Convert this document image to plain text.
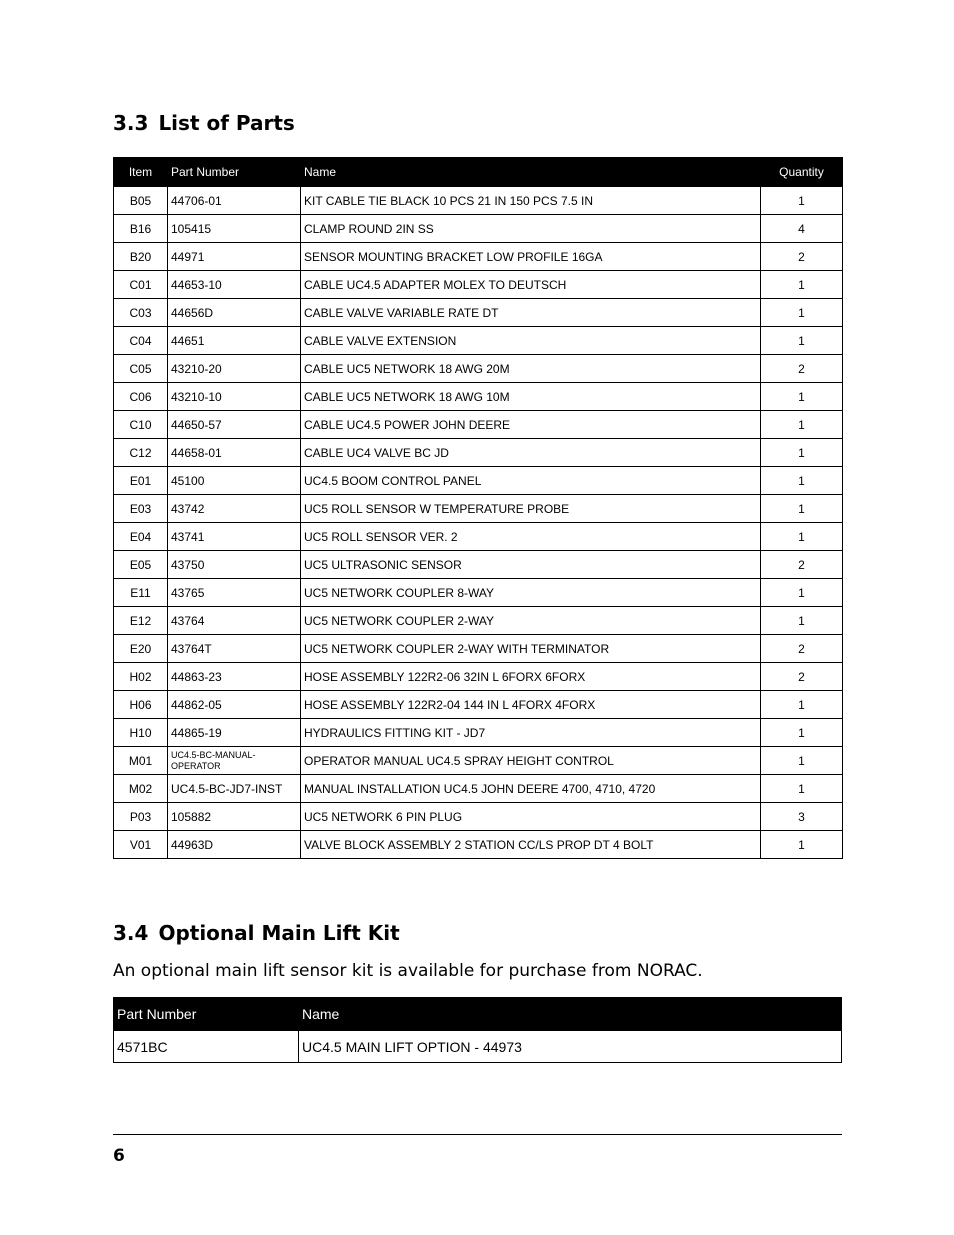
3.3 List of Parts
Item	Part Number	Name	Quantity
B05	44706-01	KIT CABLE TIE BLACK 10 PCS 21 IN 150 PCS 7.5 IN	1
B16	105415	CLAMP ROUND 2IN SS	4
B20	44971	SENSOR MOUNTING BRACKET LOW PROFILE 16GA	2
C01	44653-10	CABLE UC4.5 ADAPTER MOLEX TO DEUTSCH	1
C03	44656D	CABLE VALVE VARIABLE RATE DT	1
C04	44651	CABLE VALVE EXTENSION	1
C05	43210-20	CABLE UC5 NETWORK 18 AWG 20M	2
C06	43210-10	CABLE UC5 NETWORK 18 AWG 10M	1
C10	44650-57	CABLE UC4.5 POWER JOHN DEERE	1
C12	44658-01	CABLE UC4 VALVE BC JD	1
E01	45100	UC4.5 BOOM CONTROL PANEL	1
E03	43742	UC5 ROLL SENSOR W TEMPERATURE PROBE	1
E04	43741	UC5 ROLL SENSOR VER. 2	1
E05	43750	UC5 ULTRASONIC SENSOR	2
E11	43765	UC5 NETWORK COUPLER 8-WAY	1
E12	43764	UC5 NETWORK COUPLER 2-WAY	1
E20	43764T	UC5 NETWORK COUPLER 2-WAY WITH TERMINATOR	2
H02	44863-23	HOSE ASSEMBLY 122R2-06 32IN L 6FORX 6FORX	2
H06	44862-05	HOSE ASSEMBLY 122R2-04 144 IN L 4FORX 4FORX	1
H10	44865-19	HYDRAULICS FITTING KIT - JD7	1
M01	UC4.5-BC-MANUAL-OPERATOR	OPERATOR MANUAL UC4.5 SPRAY HEIGHT CONTROL	1
M02	UC4.5-BC-JD7-INST	MANUAL INSTALLATION UC4.5 JOHN DEERE 4700, 4710, 4720	1
P03	105882	UC5 NETWORK 6 PIN PLUG	3
V01	44963D	VALVE BLOCK ASSEMBLY 2 STATION CC/LS PROP DT 4 BOLT	1
3.4 Optional Main Lift Kit

An optional main lift sensor kit is available for purchase from NORAC.

Part Number	Name
4571BC	UC4.5 MAIN LIFT OPTION - 44973
6
